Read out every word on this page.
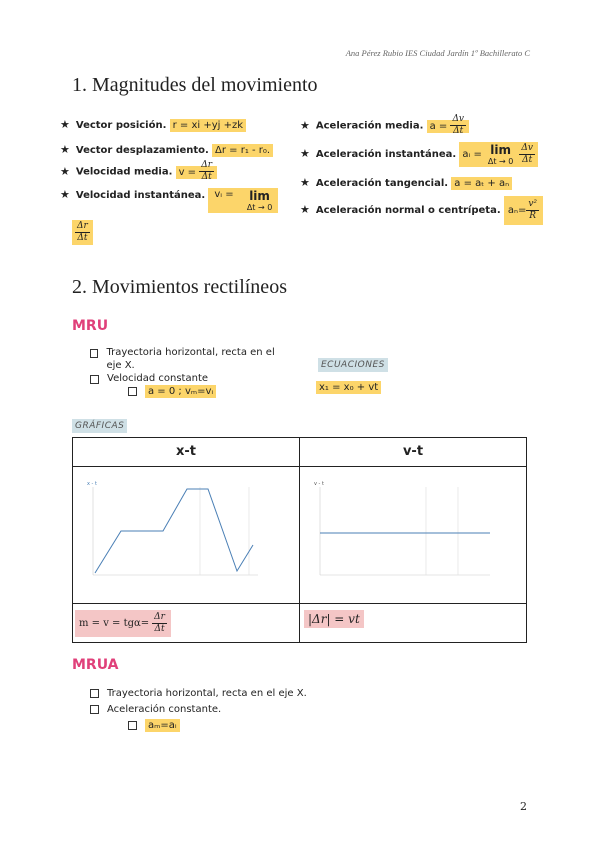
Ana Pérez Rubio IES Ciudad Jardín 1º Bachillerato C
1. Magnitudes del movimiento
★ Vector posición. r = xi +yj +zk
★ Vector desplazamiento. Δr = r₁ - r₀.
★ Velocidad media. $v = \frac{\Delta r}{\Delta t}$
★ Velocidad instantánea. vᵢ = lim
Δt → 0
$\frac{\Delta r}{\Delta t}$
★ Aceleración media. $a = \frac{\Delta v}{\Delta t}$
★ Aceleración instantánea. aᵢ = lim
$\Delta t \to 0 \frac{\Delta v}{\Delta t}$
★ Aceleración tangencial. a = aₜ + aₙ
★ Aceleración normal o centrípeta. $a_n= \frac{\text{v²}}{R}$
2. Movimientos rectilíneos
MRU
Trayectoria horizontal, recta en el eje X.
Velocidad constante
a = 0 ; vₘ=vᵢ
ECUACIONES
x₁ = x₀ + vt
GRÁFICAS
x-t	v-t

x - t	v - t

$m = v = tg\alpha= \frac{\Delta r}{\Delta t}$	|Δr| = vt
MRUA
Trayectoria horizontal, recta en el eje X.
Aceleración constante.
aₘ=aᵢ
2
